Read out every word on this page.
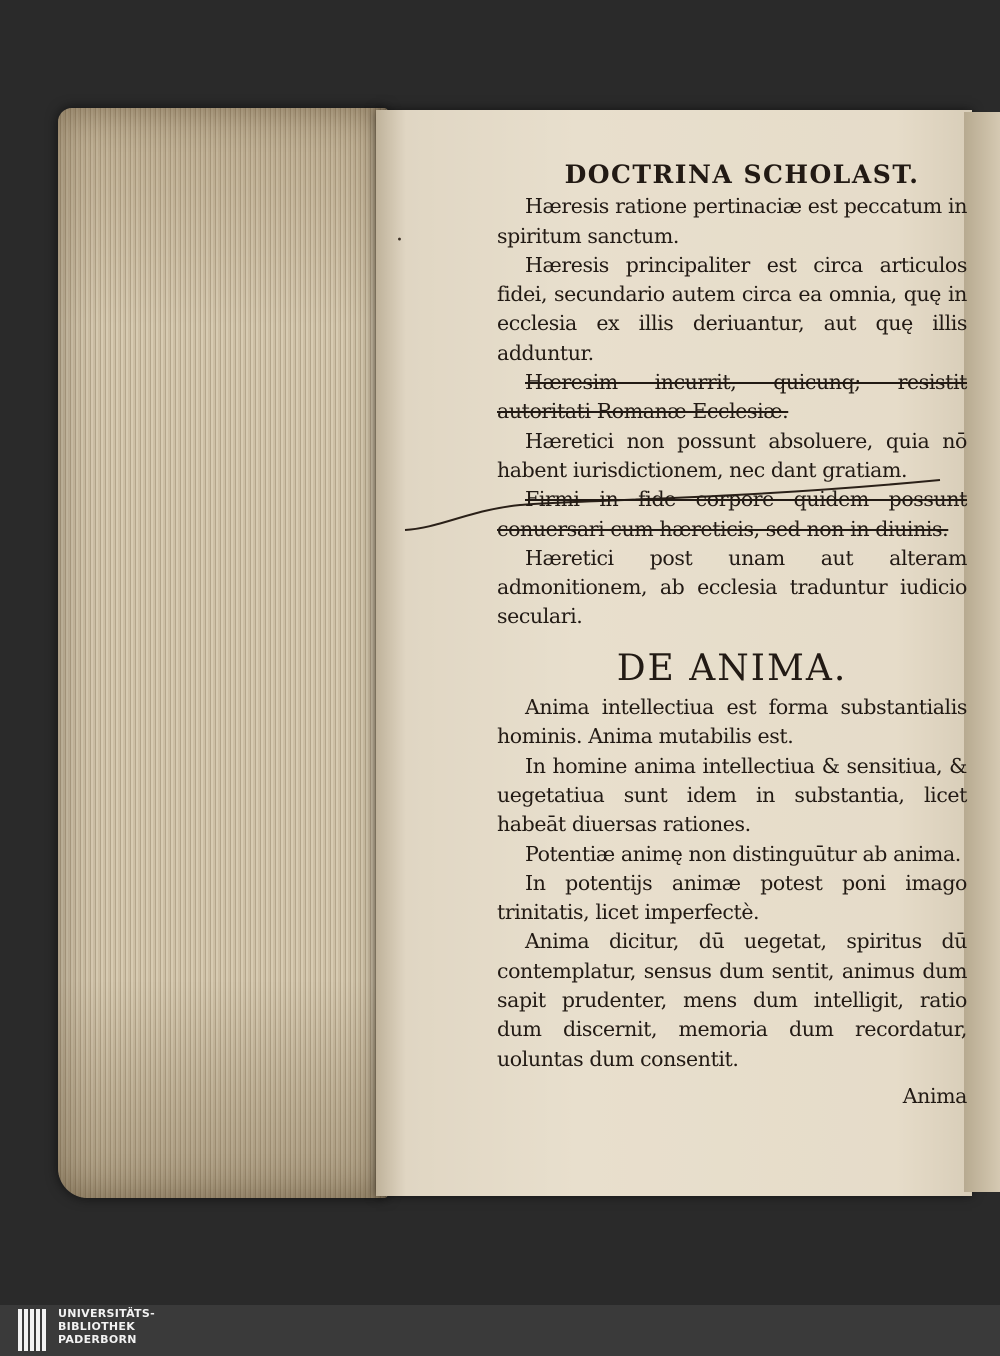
·
DOCTRINA SCHOLAST.

Hæresis ratione pertinaciæ est peccatum in spiritum sanctum.

Hæresis principaliter est circa articulos fidei, secundario autem circa ea omnia, quę in ecclesia ex illis deriuantur, aut quę illis adduntur.

Hæresim incurrit, quicunq; resistit autoritati Romanæ Ecclesiæ.

Hæretici non possunt absoluere, quia nō habent iurisdictionem, nec dant gratiam.

Firmi in fide corpore quidem possunt conuersari cum hæreticis, sed non in diuinis.

Hæretici post unam aut alteram admonitionem, ab ecclesia traduntur iudicio seculari.

DE ANIMA.

Anima intellectiua est forma substantialis hominis. Anima mutabilis est.

In homine anima intellectiua & sensitiua, & uegetatiua sunt idem in substantia, licet habeāt diuersas rationes.

Potentiæ animę non distinguūtur ab anima.

In potentijs animæ potest poni imago trinitatis, licet imperfectè.

Anima dicitur, dū uegetat, spiritus dū contemplatur, sensus dum sentit, animus dum sapit prudenter, mens dum intelligit, ratio dum discernit, memoria dum recordatur, uoluntas dum consentit.

Anima
UNIVERSITÄTS-
BIBLIOTHEK
PADERBORN
